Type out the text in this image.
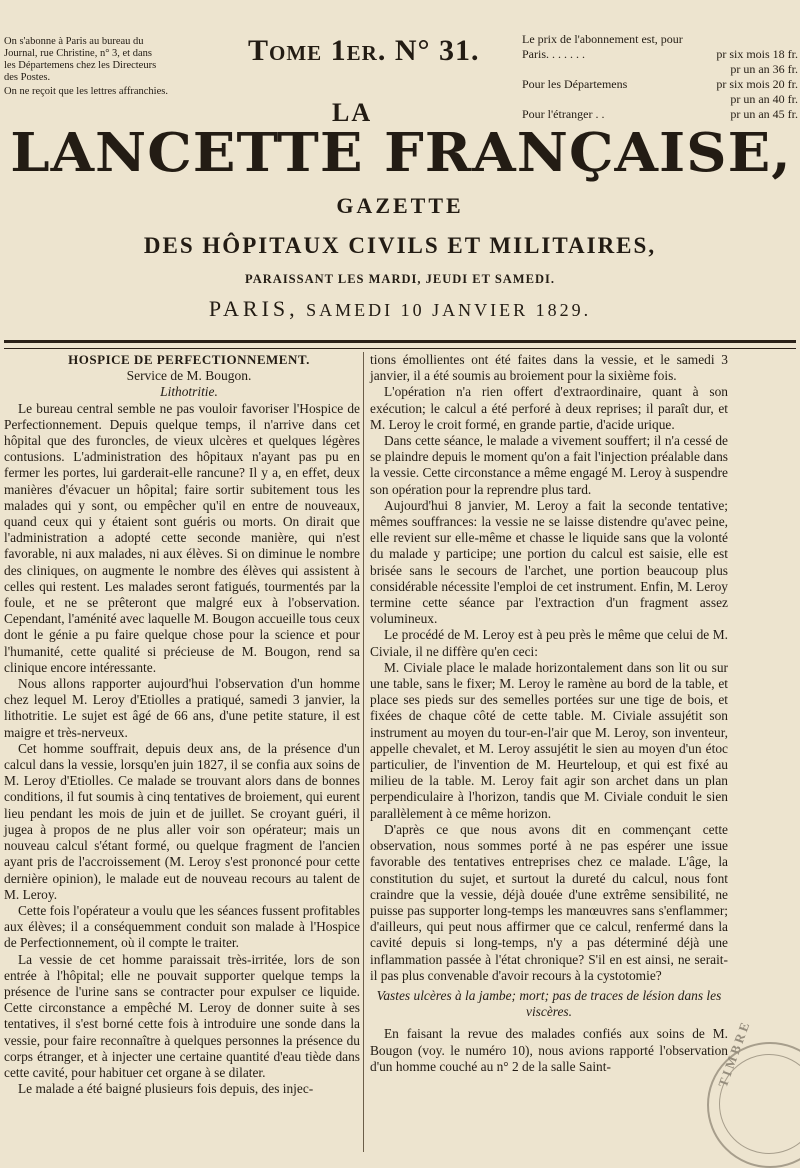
On s'abonne à Paris au bureau du

Journal, rue Christine, n° 3, et dans

les Départemens chez les Directeurs

des Postes.

On ne reçoit que les lettres affranchies.

Tome 1er. N° 31.	Le prix de l'abonnement est, pour
Paris. . . . . . .	pr six mois 18 fr.
pr un an 36 fr.
Pour les Départemens	pr six mois 20 fr.
pr un an 40 fr.
Pour l'étranger . .	pr un an 45 fr.
LA
LANCETTE FRANÇAISE,
GAZETTE
DES HÔPITAUX CIVILS ET MILITAIRES,
PARAISSANT LES MARDI, JEUDI ET SAMEDI.
PARIS, SAMEDI 10 JANVIER 1829.

HOSPICE DE PERFECTIONNEMENT.

Service de M. Bougon.

Lithotritie.

Le bureau central semble ne pas vouloir favoriser l'Hospice de Perfectionnement. Depuis quelque temps, il n'arrive dans cet hôpital que des furoncles, de vieux ulcères et quelques légères contusions. L'administration des hôpitaux n'ayant pas pu en fermer les portes, lui garderait-elle rancune? Il y a, en effet, deux manières d'évacuer un hôpital; faire sortir subitement tous les malades qui y sont, ou empêcher qu'il en entre de nouveaux, quand ceux qui y étaient sont guéris ou morts. On dirait que l'administration a adopté cette seconde manière, qui n'est favorable, ni aux malades, ni aux élèves. Si on diminue le nombre des cliniques, on augmente le nombre des élèves qui assistent à celles qui restent. Les malades seront fatigués, tourmentés par la foule, et ne se prêteront que malgré eux à l'observation. Cependant, l'aménité avec laquelle M. Bougon accueille tous ceux dont le génie a pu faire quelque chose pour la science et pour l'humanité, cette qualité si précieuse de M. Bougon, rend sa clinique encore intéressante.

Nous allons rapporter aujourd'hui l'observation d'un homme chez lequel M. Leroy d'Etiolles a pratiqué, samedi 3 janvier, la lithotritie. Le sujet est âgé de 66 ans, d'une petite stature, il est maigre et très-nerveux.

Cet homme souffrait, depuis deux ans, de la présence d'un calcul dans la vessie, lorsqu'en juin 1827, il se confia aux soins de M. Leroy d'Etiolles. Ce malade se trouvant alors dans de bonnes conditions, il fut soumis à cinq tentatives de broiement, qui eurent lieu pendant les mois de juin et de juillet. Se croyant guéri, il jugea à propos de ne plus aller voir son opérateur; mais un nouveau calcul s'étant formé, ou quelque fragment de l'ancien ayant pris de l'accroissement (M. Leroy s'est prononcé pour cette dernière opinion), le malade eut de nouveau recours au talent de M. Leroy.

Cette fois l'opérateur a voulu que les séances fussent profitables aux élèves; il a conséquemment conduit son malade à l'Hospice de Perfectionnement, où il compte le traiter.

La vessie de cet homme paraissait très-irritée, lors de son entrée à l'hôpital; elle ne pouvait supporter quelque temps la présence de l'urine sans se contracter pour expulser ce liquide. Cette circonstance a empêché M. Leroy de donner suite à ses tentatives, il s'est borné cette fois à introduire une sonde dans la vessie, pour faire reconnaître à quelques personnes la présence du corps étranger, et à injecter une certaine quantité d'eau tiède dans cette cavité, pour habituer cet organe à se dilater.

Le malade a été baigné plusieurs fois depuis, des injec-

tions émollientes ont été faites dans la vessie, et le samedi 3 janvier, il a été soumis au broiement pour la sixième fois.

L'opération n'a rien offert d'extraordinaire, quant à son exécution; le calcul a été perforé à deux reprises; il paraît dur, et M. Leroy le croit formé, en grande partie, d'acide urique.

Dans cette séance, le malade a vivement souffert; il n'a cessé de se plaindre depuis le moment qu'on a fait l'injection préalable dans la vessie. Cette circonstance a même engagé M. Leroy à suspendre son opération pour la reprendre plus tard.

Aujourd'hui 8 janvier, M. Leroy a fait la seconde tentative; mêmes souffrances: la vessie ne se laisse distendre qu'avec peine, elle revient sur elle-même et chasse le liquide sans que la volonté du malade y participe; une portion du calcul est saisie, elle est brisée sans le secours de l'archet, une portion beaucoup plus considérable nécessite l'emploi de cet instrument. Enfin, M. Leroy termine cette séance par l'extraction d'un fragment assez volumineux.

Le procédé de M. Leroy est à peu près le même que celui de M. Civiale, il ne diffère qu'en ceci:

M. Civiale place le malade horizontalement dans son lit ou sur une table, sans le fixer; M. Leroy le ramène au bord de la table, et place ses pieds sur des semelles portées sur une tige de bois, et fixées de chaque côté de cette table. M. Civiale assujétit son instrument au moyen du tour-en-l'air que M. Leroy, son inventeur, appelle chevalet, et M. Leroy assujétit le sien au moyen d'un étoc particulier, de l'invention de M. Heurteloup, et qui est fixé au milieu de la table. M. Leroy fait agir son archet dans un plan perpendiculaire à l'horizon, tandis que M. Civiale conduit le sien parallèlement à ce même horizon.

D'après ce que nous avons dit en commençant cette observation, nous sommes porté à ne pas espérer une issue favorable des tentatives entreprises chez ce malade. L'âge, la constitution du sujet, et surtout la dureté du calcul, nous font craindre que la vessie, déjà douée d'une extrême sensibilité, ne puisse pas supporter long-temps les manœuvres sans s'enflammer; d'ailleurs, qui peut nous affirmer que ce calcul, renfermé dans la cavité depuis si long-temps, n'y a pas déterminé déjà une inflammation passée à l'état chronique? S'il en est ainsi, ne serait-il pas plus convenable d'avoir recours à la cystotomie?

Vastes ulcères à la jambe; mort; pas de traces de lésion dans les viscères.

En faisant la revue des malades confiés aux soins de M. Bougon (voy. le numéro 10), nous avions rapporté l'observation d'un homme couché au n° 2 de la salle Saint-	TIMBRE
